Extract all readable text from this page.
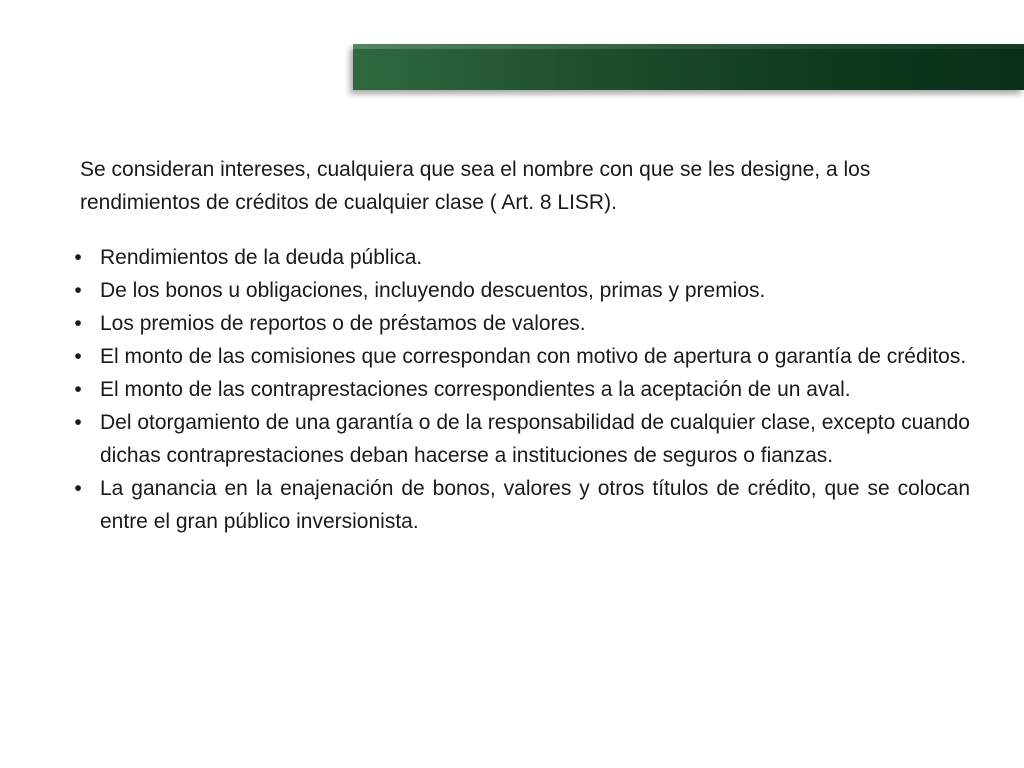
Se consideran intereses, cualquiera que sea el nombre con que se les designe, a los rendimientos de créditos de cualquier clase ( Art. 8 LISR).

• Rendimientos de la deuda pública.
• De los bonos u obligaciones, incluyendo descuentos, primas y premios.
• Los premios de reportos o de préstamos de valores.
• El monto de las comisiones que correspondan con motivo de apertura o garantía de créditos.
• El monto de las contraprestaciones correspondientes a la aceptación de un aval.
• Del otorgamiento de una garantía o de la responsabilidad de cualquier clase, excepto cuando dichas contraprestaciones deban hacerse a instituciones de seguros o fianzas.
• La ganancia en la enajenación de bonos, valores y otros títulos de crédito, que se colocan entre el gran público inversionista.
